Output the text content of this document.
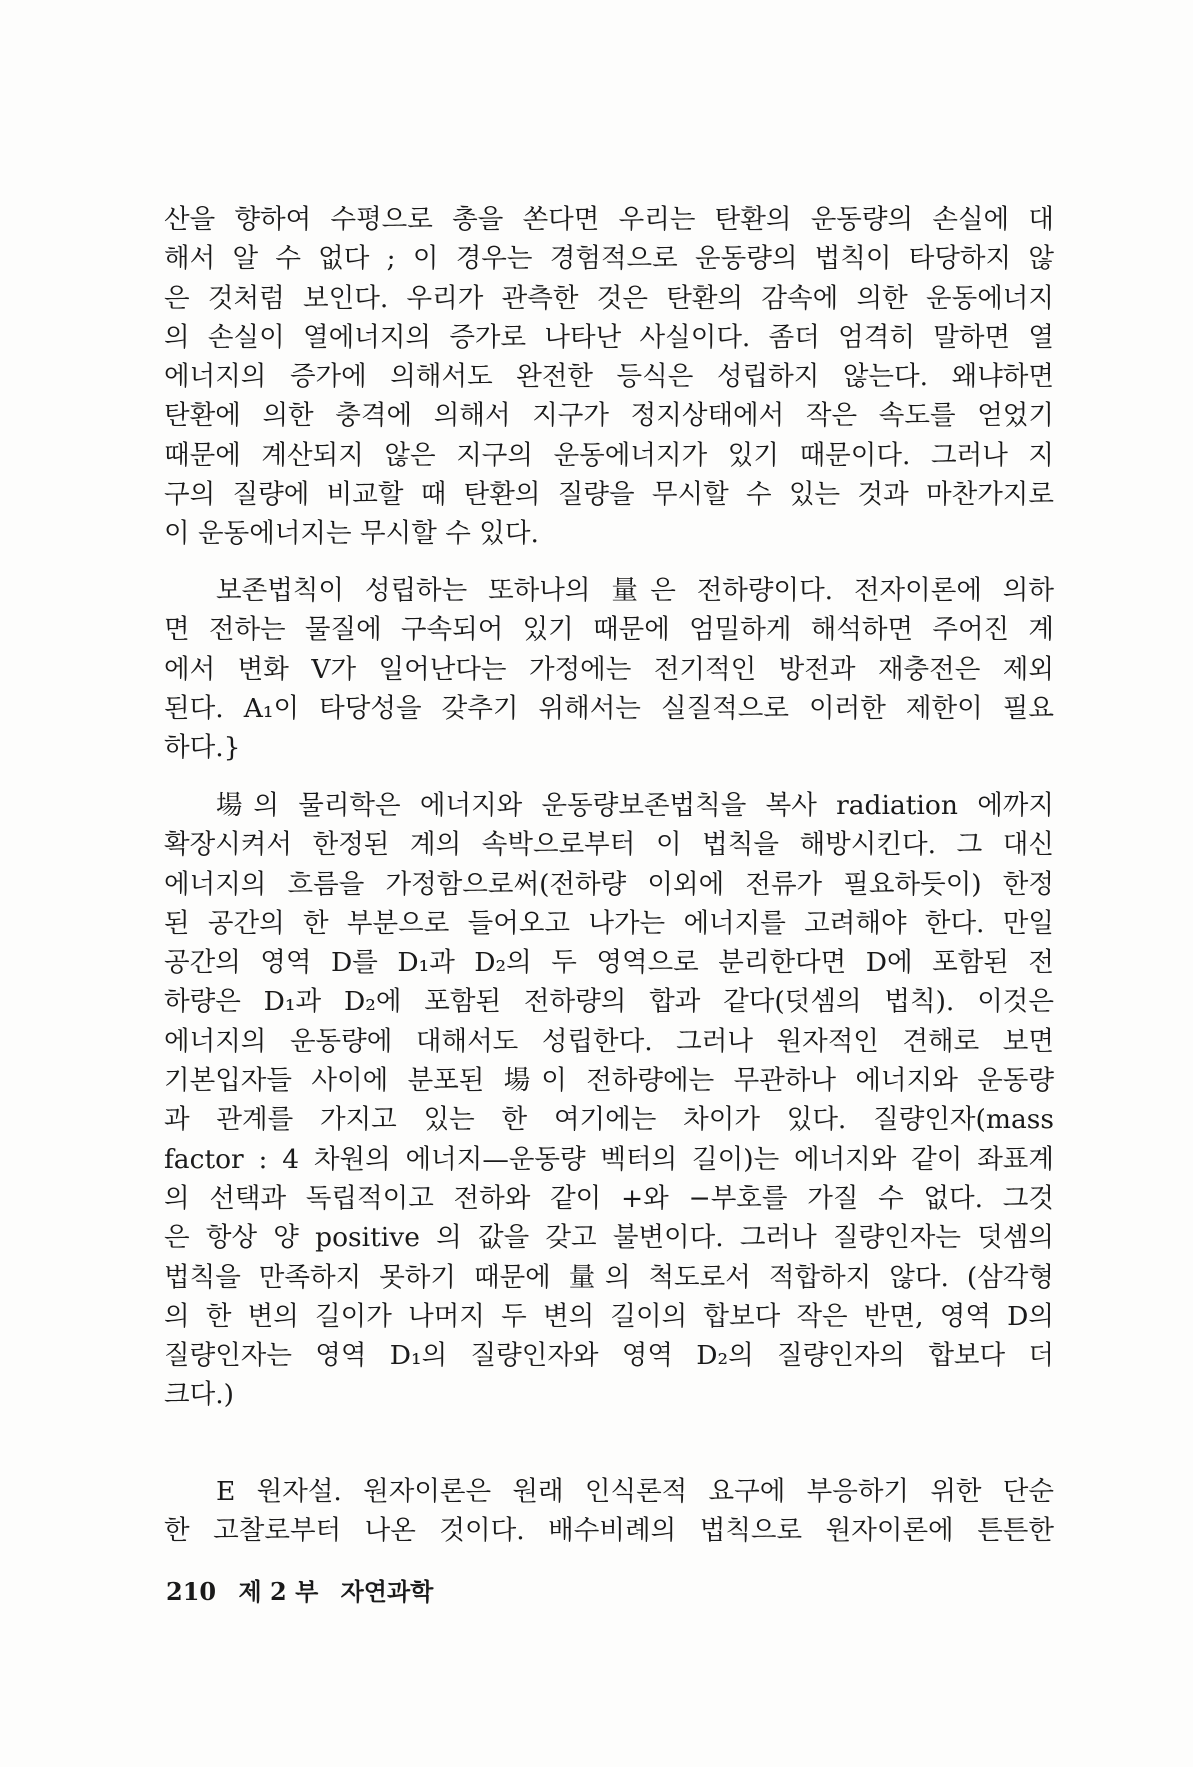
산을 향하여 수평으로 총을 쏜다면 우리는 탄환의 운동량의 손실에 대
해서 알 수 없다 ; 이 경우는 경험적으로 운동량의 법칙이 타당하지 않
은 것처럼 보인다. 우리가 관측한 것은 탄환의 감속에 의한 운동에너지
의 손실이 열에너지의 증가로 나타난 사실이다. 좀더 엄격히 말하면 열
에너지의 증가에 의해서도 완전한 등식은 성립하지 않는다. 왜냐하면
탄환에 의한 충격에 의해서 지구가 정지상태에서 작은 속도를 얻었기
때문에 계산되지 않은 지구의 운동에너지가 있기 때문이다. 그러나 지
구의 질량에 비교할 때 탄환의 질량을 무시할 수 있는 것과 마찬가지로
이 운동에너지는 무시할 수 있다.
보존법칙이 성립하는 또하나의 量은 전하량이다. 전자이론에 의하
면 전하는 물질에 구속되어 있기 때문에 엄밀하게 해석하면 주어진 계
에서 변화 V가 일어난다는 가정에는 전기적인 방전과 재충전은 제외
된다. A₁이 타당성을 갖추기 위해서는 실질적으로 이러한 제한이 필요
하다.}
場의 물리학은 에너지와 운동량보존법칙을 복사 radiation 에까지
확장시켜서 한정된 계의 속박으로부터 이 법칙을 해방시킨다. 그 대신
에너지의 흐름을 가정함으로써(전하량 이외에 전류가 필요하듯이) 한정
된 공간의 한 부분으로 들어오고 나가는 에너지를 고려해야 한다. 만일
공간의 영역 D를 D₁과 D₂의 두 영역으로 분리한다면 D에 포함된 전
하량은 D₁과 D₂에 포함된 전하량의 합과 같다(덧셈의 법칙). 이것은
에너지의 운동량에 대해서도 성립한다. 그러나 원자적인 견해로 보면
기본입자들 사이에 분포된 場이 전하량에는 무관하나 에너지와 운동량
과 관계를 가지고 있는 한 여기에는 차이가 있다. 질량인자(mass
factor : 4 차원의 에너지—운동량 벡터의 길이)는 에너지와 같이 좌표계
의 선택과 독립적이고 전하와 같이 +와 −부호를 가질 수 없다. 그것
은 항상 양 positive 의 값을 갖고 불변이다. 그러나 질량인자는 덧셈의
법칙을 만족하지 못하기 때문에 量의 척도로서 적합하지 않다. (삼각형
의 한 변의 길이가 나머지 두 변의 길이의 합보다 작은 반면, 영역 D의
질량인자는 영역 D₁의 질량인자와 영역 D₂의 질량인자의 합보다 더
크다.)
E 원자설. 원자이론은 원래 인식론적 요구에 부응하기 위한 단순
한 고찰로부터 나온 것이다. 배수비례의 법칙으로 원자이론에 튼튼한
210 제 2 부 자연과학
